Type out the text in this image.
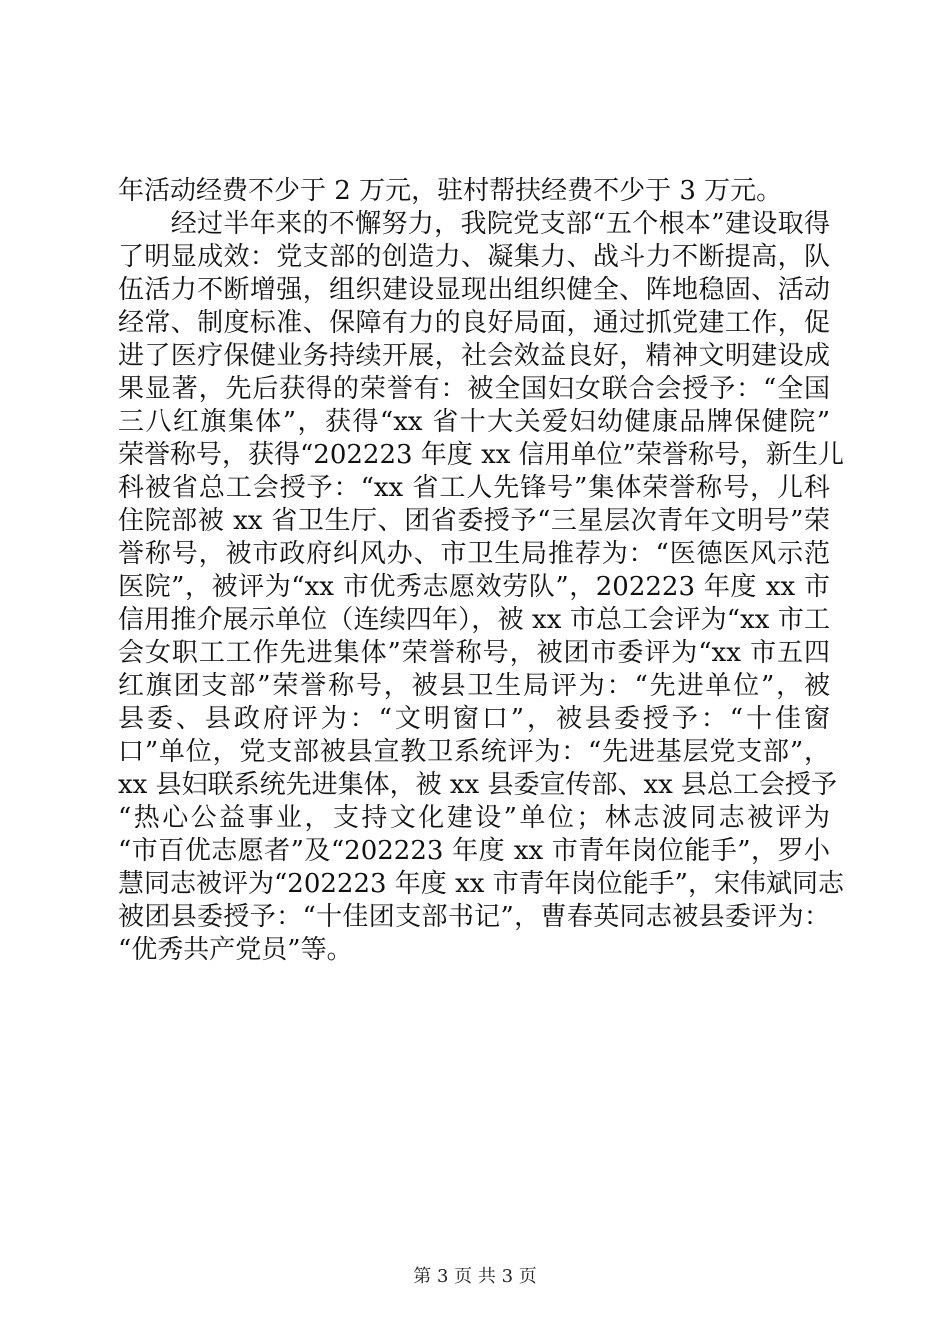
年活动经费不少于 2 万元，驻村帮扶经费不少于 3 万元。
　　经过半年来的不懈努力，我院党支部“五个根本”建设取得
了明显成效：党支部的创造力、凝集力、战斗力不断提高，队
伍活力不断增强，组织建设显现出组织健全、阵地稳固、活动
经常、制度标准、保障有力的良好局面，通过抓党建工作，促
进了医疗保健业务持续开展，社会效益良好，精神文明建设成
果显著，先后获得的荣誉有：被全国妇女联合会授予：“全国
三八红旗集体”，获得“xx 省十大关爱妇幼健康品牌保健院”
荣誉称号，获得“202223 年度 xx 信用单位”荣誉称号，新生儿
科被省总工会授予：“xx 省工人先锋号”集体荣誉称号，儿科
住院部被 xx 省卫生厅、团省委授予“三星层次青年文明号”荣
誉称号，被市政府纠风办、市卫生局推荐为：“医德医风示范
医院”，被评为“xx 市优秀志愿效劳队”，202223 年度 xx 市
信用推介展示单位（连续四年），被 xx 市总工会评为“xx 市工
会女职工工作先进集体”荣誉称号，被团市委评为“xx 市五四
红旗团支部”荣誉称号，被县卫生局评为：“先进单位”，被
县委、县政府评为：“文明窗口”，被县委授予：“十佳窗
口”单位，党支部被县宣教卫系统评为：“先进基层党支部”，
xx 县妇联系统先进集体，被 xx 县委宣传部、xx 县总工会授予
“热心公益事业，支持文化建设”单位；林志波同志被评为
“市百优志愿者”及“202223 年度 xx 市青年岗位能手”，罗小
慧同志被评为“202223 年度 xx 市青年岗位能手”，宋伟斌同志
被团县委授予：“十佳团支部书记”，曹春英同志被县委评为：
“优秀共产党员”等。
第 3 页 共 3 页
